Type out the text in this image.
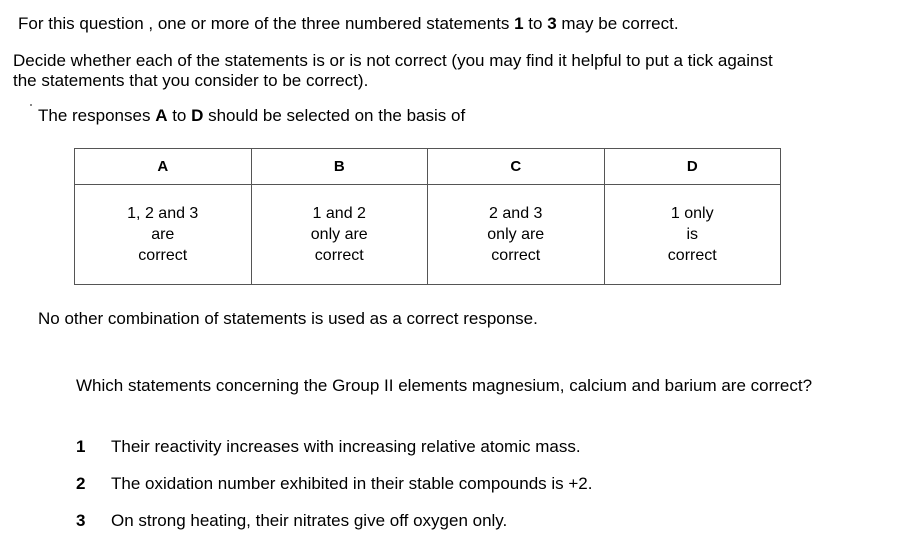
For this question , one or more of the three numbered statements 1 to 3 may be correct.
Decide whether each of the statements is or is not correct (you may find it helpful to put a tick against
the statements that you consider to be correct).
The responses A to D should be selected on the basis of
A	B	C	D

1, 2 and 3
are
correct	1 and 2
only are
correct	2 and 3
only are
correct	1 only
is
correct
No other combination of statements is used as a correct response.
Which statements concerning the Group II elements magnesium, calcium and barium are correct?
1 Their reactivity increases with increasing relative atomic mass.
2 The oxidation number exhibited in their stable compounds is +2.
3 On strong heating, their nitrates give off oxygen only.
